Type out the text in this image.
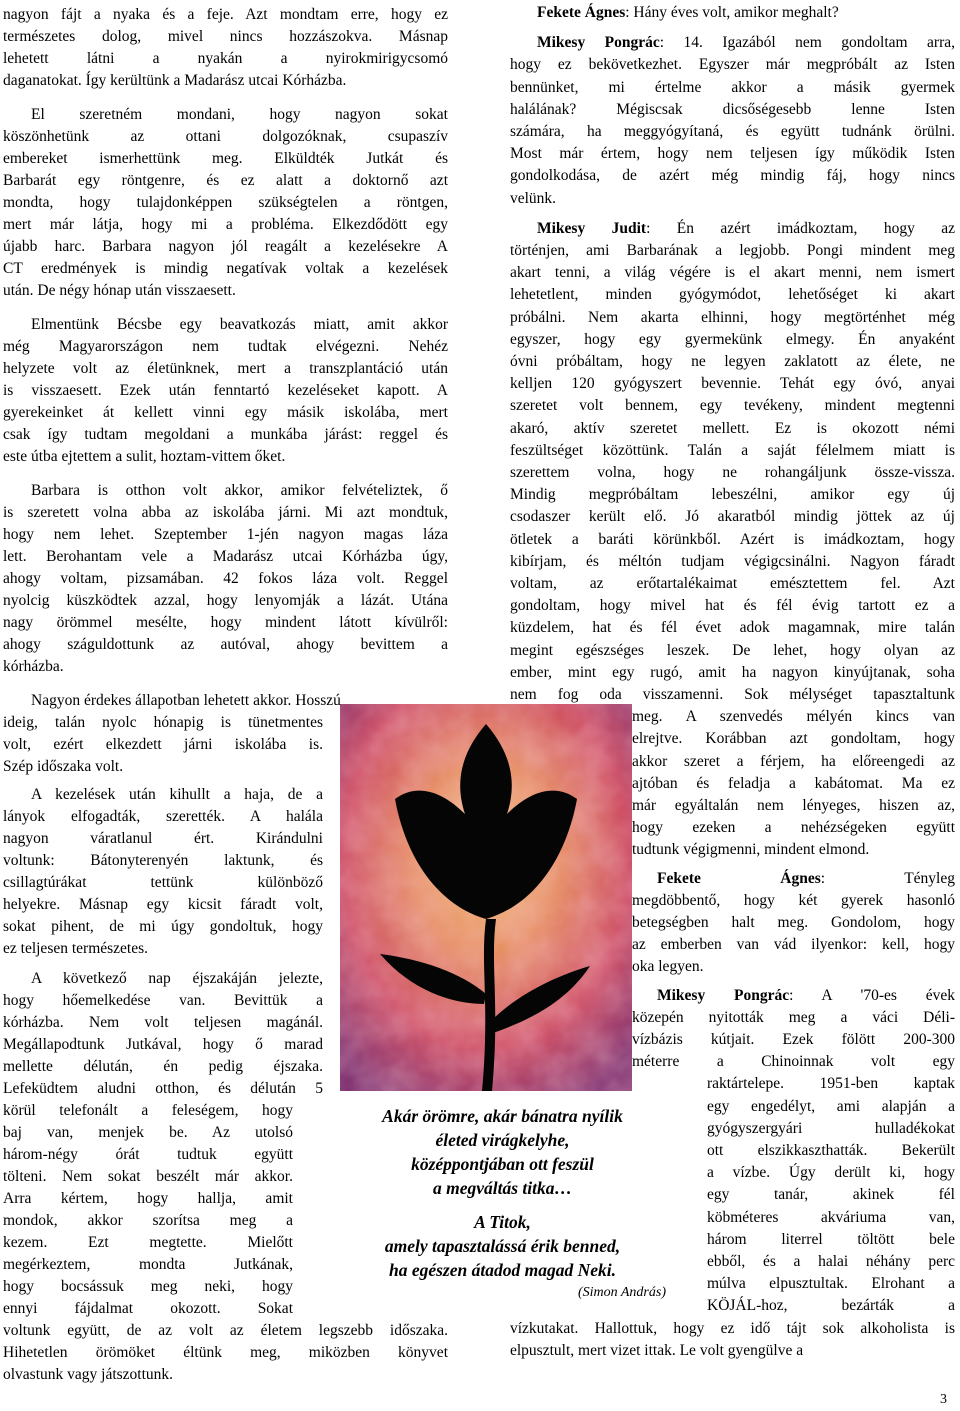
nagyon fájt a nyaka és a feje. Azt mondtam erre, hogy ez
természetes dolog, mivel nincs hozzászokva. Másnap
lehetett látni a nyakán a nyirokmirigycsomó
daganatokat. Így kerültünk a Madarász utcai Kórházba.
El szeretném mondani, hogy nagyon sokat
köszönhetünk az ottani dolgozóknak, csupaszív
embereket ismerhettünk meg. Elküldték Jutkát és
Barbarát egy röntgenre, és ez alatt a doktornő azt
mondta, hogy tulajdonképpen szükségtelen a röntgen,
mert már látja, hogy mi a probléma. Elkezdődött egy
újabb harc. Barbara nagyon jól reagált a kezelésekre A
CT eredmények is mindig negatívak voltak a kezelések
után. De négy hónap után visszaesett.
Elmentünk Bécsbe egy beavatkozás miatt, amit akkor
még Magyarországon nem tudtak elvégezni. Nehéz
helyzete volt az életünknek, mert a transzplantáció után
is visszaesett. Ezek után fenntartó kezeléseket kapott. A
gyerekeinket át kellett vinni egy másik iskolába, mert
csak így tudtam megoldani a munkába járást: reggel és
este útba ejtettem a sulit, hoztam-vittem őket.
Barbara is otthon volt akkor, amikor felvételiztek, ő
is szeretett volna abba az iskolába járni. Mi azt mondtuk,
hogy nem lehet. Szeptember 1-jén nagyon magas láza
lett. Berohantam vele a Madarász utcai Kórházba úgy,
ahogy voltam, pizsamában. 42 fokos láza volt. Reggel
nyolcig küszködtek azzal, hogy lenyomják a lázát. Utána
nagy örömmel mesélte, hogy mindent látott kívülről:
ahogy száguldottunk az autóval, ahogy bevittem a
kórházba.
Nagyon érdekes állapotban lehetett akkor. Hosszú
ideig, talán nyolc hónapig is tünetmentes
volt, ezért elkezdett járni iskolába is.
Szép időszaka volt.
A kezelések után kihullt a haja, de a
lányok elfogadták, szerették. A halála
nagyon váratlanul ért. Kirándulni
voltunk: Bátonyterenyén laktunk, és
csillagtúrákat tettünk különböző
helyekre. Másnap egy kicsit fáradt volt,
sokat pihent, de mi úgy gondoltuk, hogy
ez teljesen természetes.
A következő nap éjszakáján jelezte,
hogy hőemelkedése van. Bevittük a
kórházba. Nem volt teljesen magánál.
Megállapodtunk Jutkával, hogy ő marad
mellette délután, én pedig éjszaka.
Lefeküdtem aludni otthon, és délután 5
körül telefonált a feleségem, hogy
baj van, menjek be. Az utolsó
három-négy órát tudtuk együtt
tölteni. Nem sokat beszélt már akkor.
Arra kértem, hogy hallja, amit
mondok, akkor szorítsa meg a
kezem. Ezt megtette. Mielőtt
megérkeztem, mondta Jutkának,
hogy bocsássuk meg neki, hogy
ennyi fájdalmat okozott. Sokat
voltunk együtt, de az volt az életem legszebb időszaka.
Hihetetlen örömöket éltünk meg, miközben könyvet
olvastunk vagy játszottunk.
Fekete Ágnes: Hány éves volt, amikor meghalt?
Mikesy Pongrác: 14. Igazából nem gondoltam arra,
hogy ez bekövetkezhet. Egyszer már megpróbált az Isten
bennünket, mi értelme akkor a másik gyermek
halálának? Mégiscsak dicsőségesebb lenne Isten
számára, ha meggyógyítaná, és együtt tudnánk örülni.
Most már értem, hogy nem teljesen így működik Isten
gondolkodása, de azért még mindig fáj, hogy nincs
velünk.
Mikesy Judit: Én azért imádkoztam, hogy az
történjen, ami Barbarának a legjobb. Pongi mindent meg
akart tenni, a világ végére is el akart menni, nem ismert
lehetetlent, minden gyógymódot, lehetőséget ki akart
próbálni. Nem akarta elhinni, hogy megtörténhet még
egyszer, hogy egy gyermekünk elmegy. Én anyaként
óvni próbáltam, hogy ne legyen zaklatott az élete, ne
kelljen 120 gyógyszert bevennie. Tehát egy óvó, anyai
szeretet volt bennem, egy tevékeny, mindent megtenni
akaró, aktív szeretet mellett. Ez is okozott némi
feszültséget közöttünk. Talán a saját félelmem miatt is
szerettem volna, hogy ne rohangáljunk össze-vissza.
Mindig megpróbáltam lebeszélni, amikor egy új
csodaszer került elő. Jó akaratból mindig jöttek az új
ötletek a baráti körünkből. Azért is imádkoztam, hogy
kibírjam, és méltón tudjam végigcsinálni. Nagyon fáradt
voltam, az erőtartalékaimat emésztettem fel. Azt
gondoltam, hogy mivel hat és fél évig tartott ez a
küzdelem, hat és fél évet adok magamnak, mire talán
megint egészséges leszek. De lehet, hogy olyan az
ember, mint egy rugó, amit ha nagyon kinyújtanak, soha
nem fog oda visszamenni. Sok mélységet tapasztaltunk
meg. A szenvedés mélyén kincs van
elrejtve. Korábban azt gondoltam, hogy
akkor szeret a férjem, ha előreengedi az
ajtóban és feladja a kabátomat. Ma ez
már egyáltalán nem lényeges, hiszen az,
hogy ezeken a nehézségeken együtt
tudtunk végigmenni, mindent elmond.
Fekete Ágnes: Tényleg
megdöbbentő, hogy két gyerek hasonló
betegségben halt meg. Gondolom, hogy
az emberben van vád ilyenkor: kell, hogy
oka legyen.
Mikesy Pongrác: A '70-es évek
közepén nyitották meg a váci Déli-
vízbázis kútjait. Ezek fölött 200-300
méterre a Chinoinnak volt egy
raktártelepe. 1951-ben kaptak
egy engedélyt, ami alapján a
gyógyszergyári hulladékokat
ott elszikkaszthatták. Bekerült
a vízbe. Úgy derült ki, hogy
egy tanár, akinek fél
köbméteres akváriuma van,
három literrel töltött bele
ebből, és a halai néhány perc
múlva elpusztultak. Elrohant a
KÖJÁL-hoz, bezárták a
vízkutakat. Hallottuk, hogy ez idő tájt sok alkoholista is
elpusztult, mert vizet ittak. Le volt gyengülve a
Akár örömre, akár bánatra nyílik
életed virágkelyhe,
középpontjában ott feszül
a megváltás titka…
A Titok,
amely tapasztalássá érik benned,
ha egészen átadod magad Neki.
(Simon András)
3
